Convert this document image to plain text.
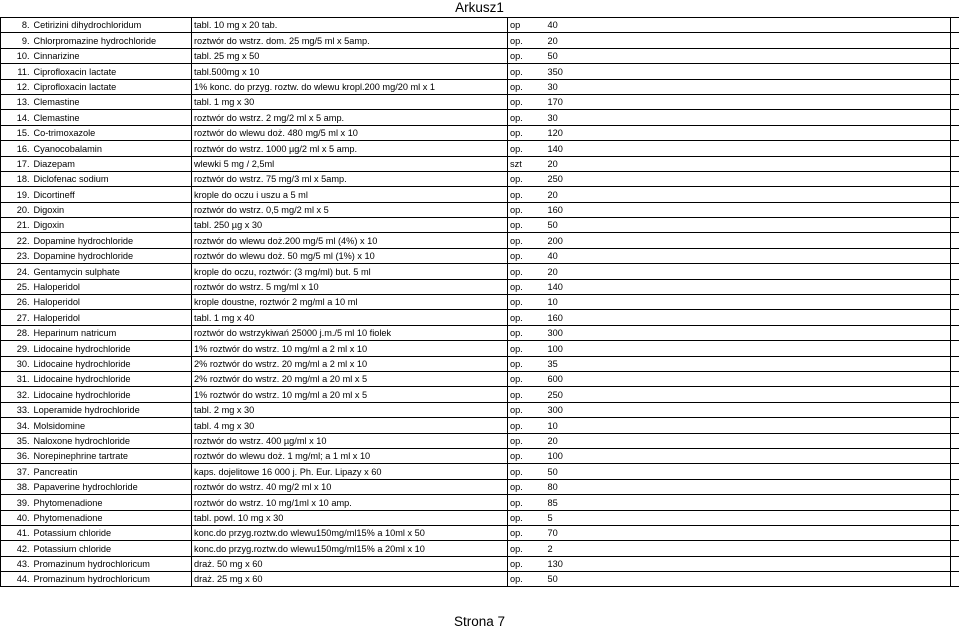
Arkusz1
8.	Cetirizini dihydrochloridum	tabl. 10 mg x 20 tab.	op	40	
9.	Chlorpromazine hydrochloride	roztwór do wstrz. dom. 25 mg/5 ml x 5amp.	op.	20	
10.	Cinnarizine	tabl. 25 mg x 50	op.	50	
11.	Ciprofloxacin lactate	tabl.500mg x 10	op.	350	
12.	Ciprofloxacin lactate	1% konc. do przyg. roztw. do wlewu kropl.200 mg/20 ml x 1	op.	30	
13.	Clemastine	tabl. 1 mg x 30	op.	170	
14.	Clemastine	roztwór do wstrz. 2 mg/2 ml x 5 amp.	op.	30	
15.	Co-trimoxazole	roztwór do wlewu doż. 480 mg/5 ml x 10	op.	120	
16.	Cyanocobalamin	roztwór do wstrz. 1000 µg/2 ml x 5 amp.	op.	140	
17.	Diazepam	wlewki 5 mg / 2,5ml	szt	20	
18.	Diclofenac sodium	roztwór do wstrz. 75 mg/3 ml x 5amp.	op.	250	
19.	Dicortineff	krople do oczu i uszu a 5 ml	op.	20	
20.	Digoxin	roztwór do wstrz. 0,5 mg/2 ml x 5	op.	160	
21.	Digoxin	tabl. 250 µg x 30	op.	50	
22.	Dopamine hydrochloride	roztwór do wlewu doż.200 mg/5 ml (4%) x 10	op.	200	
23.	Dopamine hydrochloride	roztwór do wlewu doż. 50 mg/5 ml (1%) x 10	op.	40	
24.	Gentamycin sulphate	krople do oczu, roztwór: (3 mg/ml) but. 5 ml	op.	20	
25.	Haloperidol	roztwór do wstrz. 5 mg/ml x 10	op.	140	
26.	Haloperidol	krople doustne, roztwór 2 mg/ml a 10 ml	op.	10	
27.	Haloperidol	tabl. 1 mg x 40	op.	160	
28.	Heparinum natricum	roztwór do wstrzykiwań 25000 j.m./5 ml 10 fiolek	op.	300	
29.	Lidocaine hydrochloride	1% roztwór do wstrz. 10 mg/ml a 2 ml x 10	op.	100	
30.	Lidocaine hydrochloride	2% roztwór do wstrz. 20 mg/ml a 2 ml x 10	op.	35	
31.	Lidocaine hydrochloride	2% roztwór do wstrz. 20 mg/ml a 20 ml x 5	op.	600	
32.	Lidocaine hydrochloride	1% roztwór do wstrz. 10 mg/ml a 20 ml x 5	op.	250	
33.	Loperamide hydrochloride	tabl. 2 mg x 30	op.	300	
34.	Molsidomine	tabl. 4 mg x 30	op.	10	
35.	Naloxone hydrochloride	roztwór do wstrz. 400 µg/ml x 10	op.	20	
36.	Norepinephrine tartrate	roztwór do wlewu doż. 1 mg/ml; a 1 ml x 10	op.	100	
37.	Pancreatin	kaps. dojelitowe 16 000 j. Ph. Eur. Lipazy x 60	op.	50	
38.	Papaverine hydrochloride	roztwór do wstrz. 40 mg/2 ml x 10	op.	80	
39.	Phytomenadione	roztwór do wstrz. 10 mg/1ml x 10 amp.	op.	85	
40.	Phytomenadione	tabl. powl. 10 mg x 30	op.	5	
41.	Potassium chloride	konc.do przyg.roztw.do wlewu150mg/ml15% a 10ml x 50	op.	70	
42.	Potassium chloride	konc.do przyg.roztw.do wlewu150mg/ml15% a 20ml x 10	op.	2	
43.	Promazinum hydrochloricum	draż. 50 mg x 60	op.	130	
44.	Promazinum hydrochloricum	draż. 25 mg x 60	op.	50	
Strona 7
